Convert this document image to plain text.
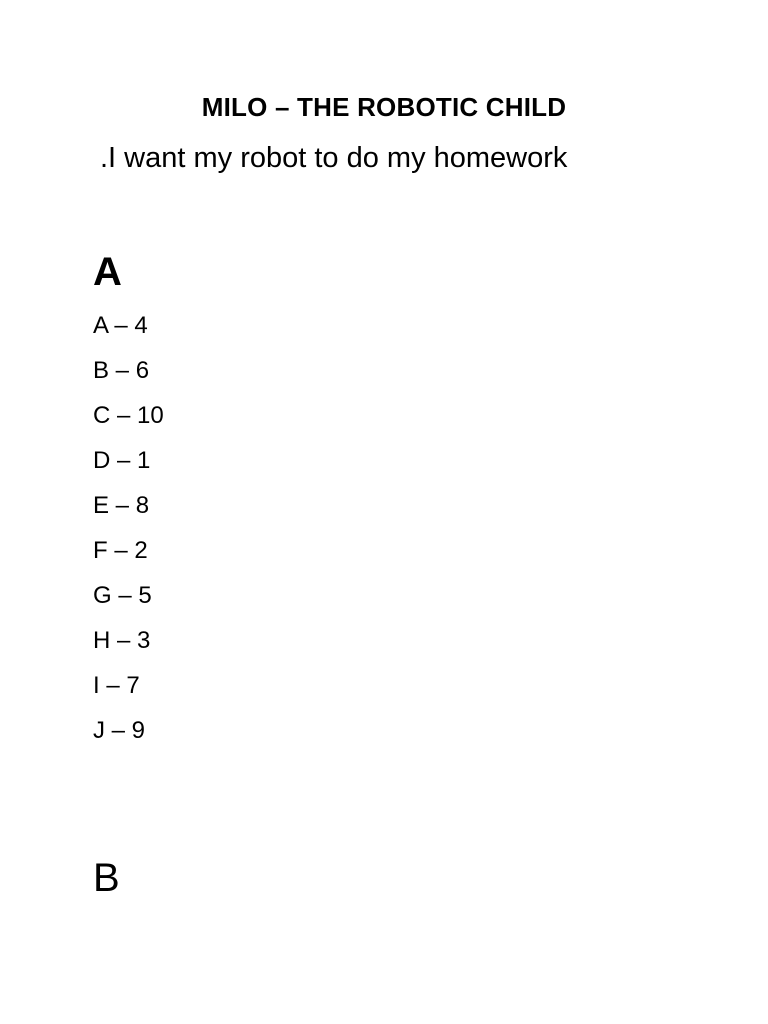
MILO – THE ROBOTIC CHILD

.I want my robot to do my homework

A
A – 4
B – 6
C – 10
D – 1
E – 8
F – 2
G – 5
H – 3
I – 7
J – 9
B
